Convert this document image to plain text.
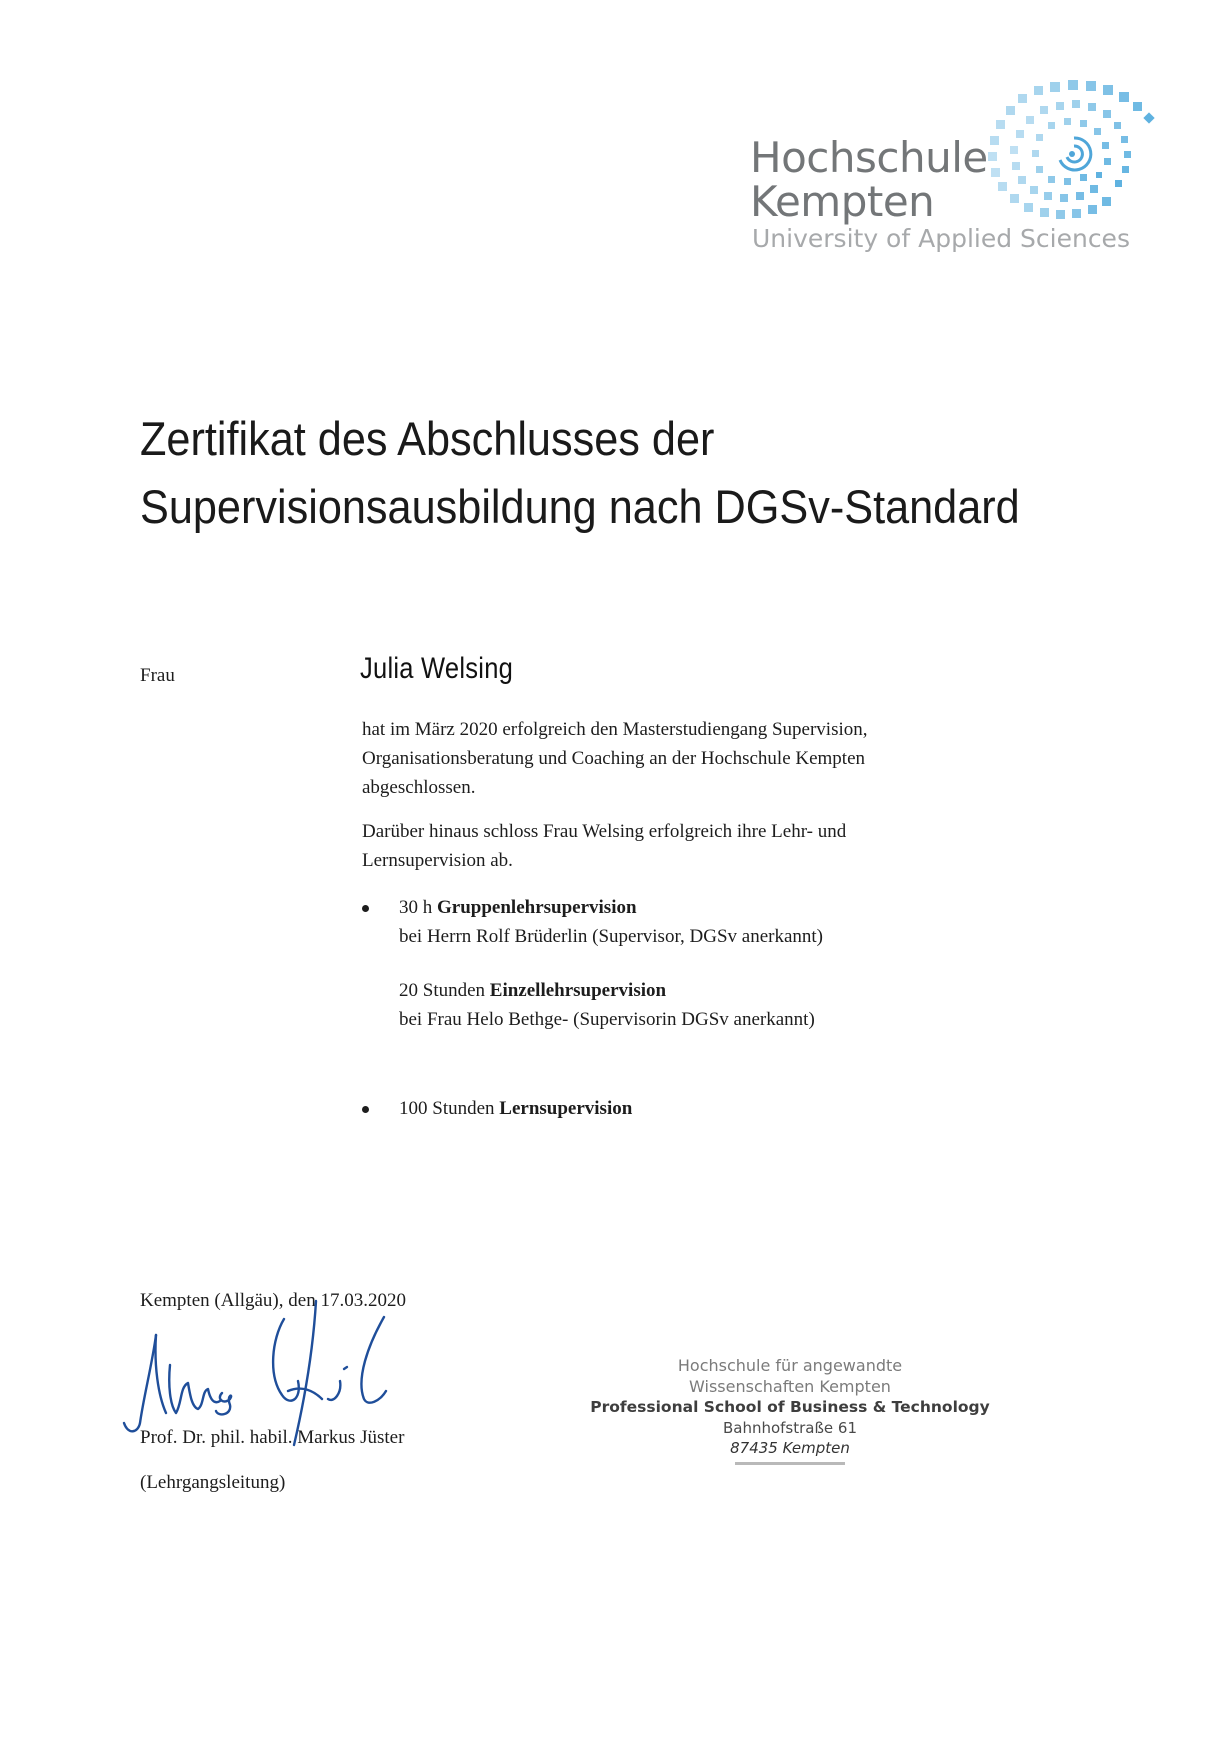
Hochschule
Kempten
University of Applied Sciences
Zertifikat des Abschlusses der
Supervisionsausbildung nach DGSv-Standard
Frau	Julia Welsing
hat im März 2020 erfolgreich den Masterstudiengang Supervision,
Organisationsberatung und Coaching an der Hochschule Kempten
abgeschlossen.
Darüber hinaus schloss Frau Welsing erfolgreich ihre Lehr- und
Lernsupervision ab.
30 h Gruppenlehrsupervision
bei Herrn Rolf Brüderlin (Supervisor, DGSv anerkannt)
20 Stunden Einzellehrsupervision
bei Frau Helo Bethge- (Supervisorin DGSv anerkannt)
100 Stunden Lernsupervision
Kempten (Allgäu), den 17.03.2020
Prof. Dr. phil. habil. Markus Jüster
(Lehrgangsleitung)
Hochschule für angewandte
Wissenschaften Kempten
Professional School of Business & Technology
Bahnhofstraße 61
87435 Kempten
